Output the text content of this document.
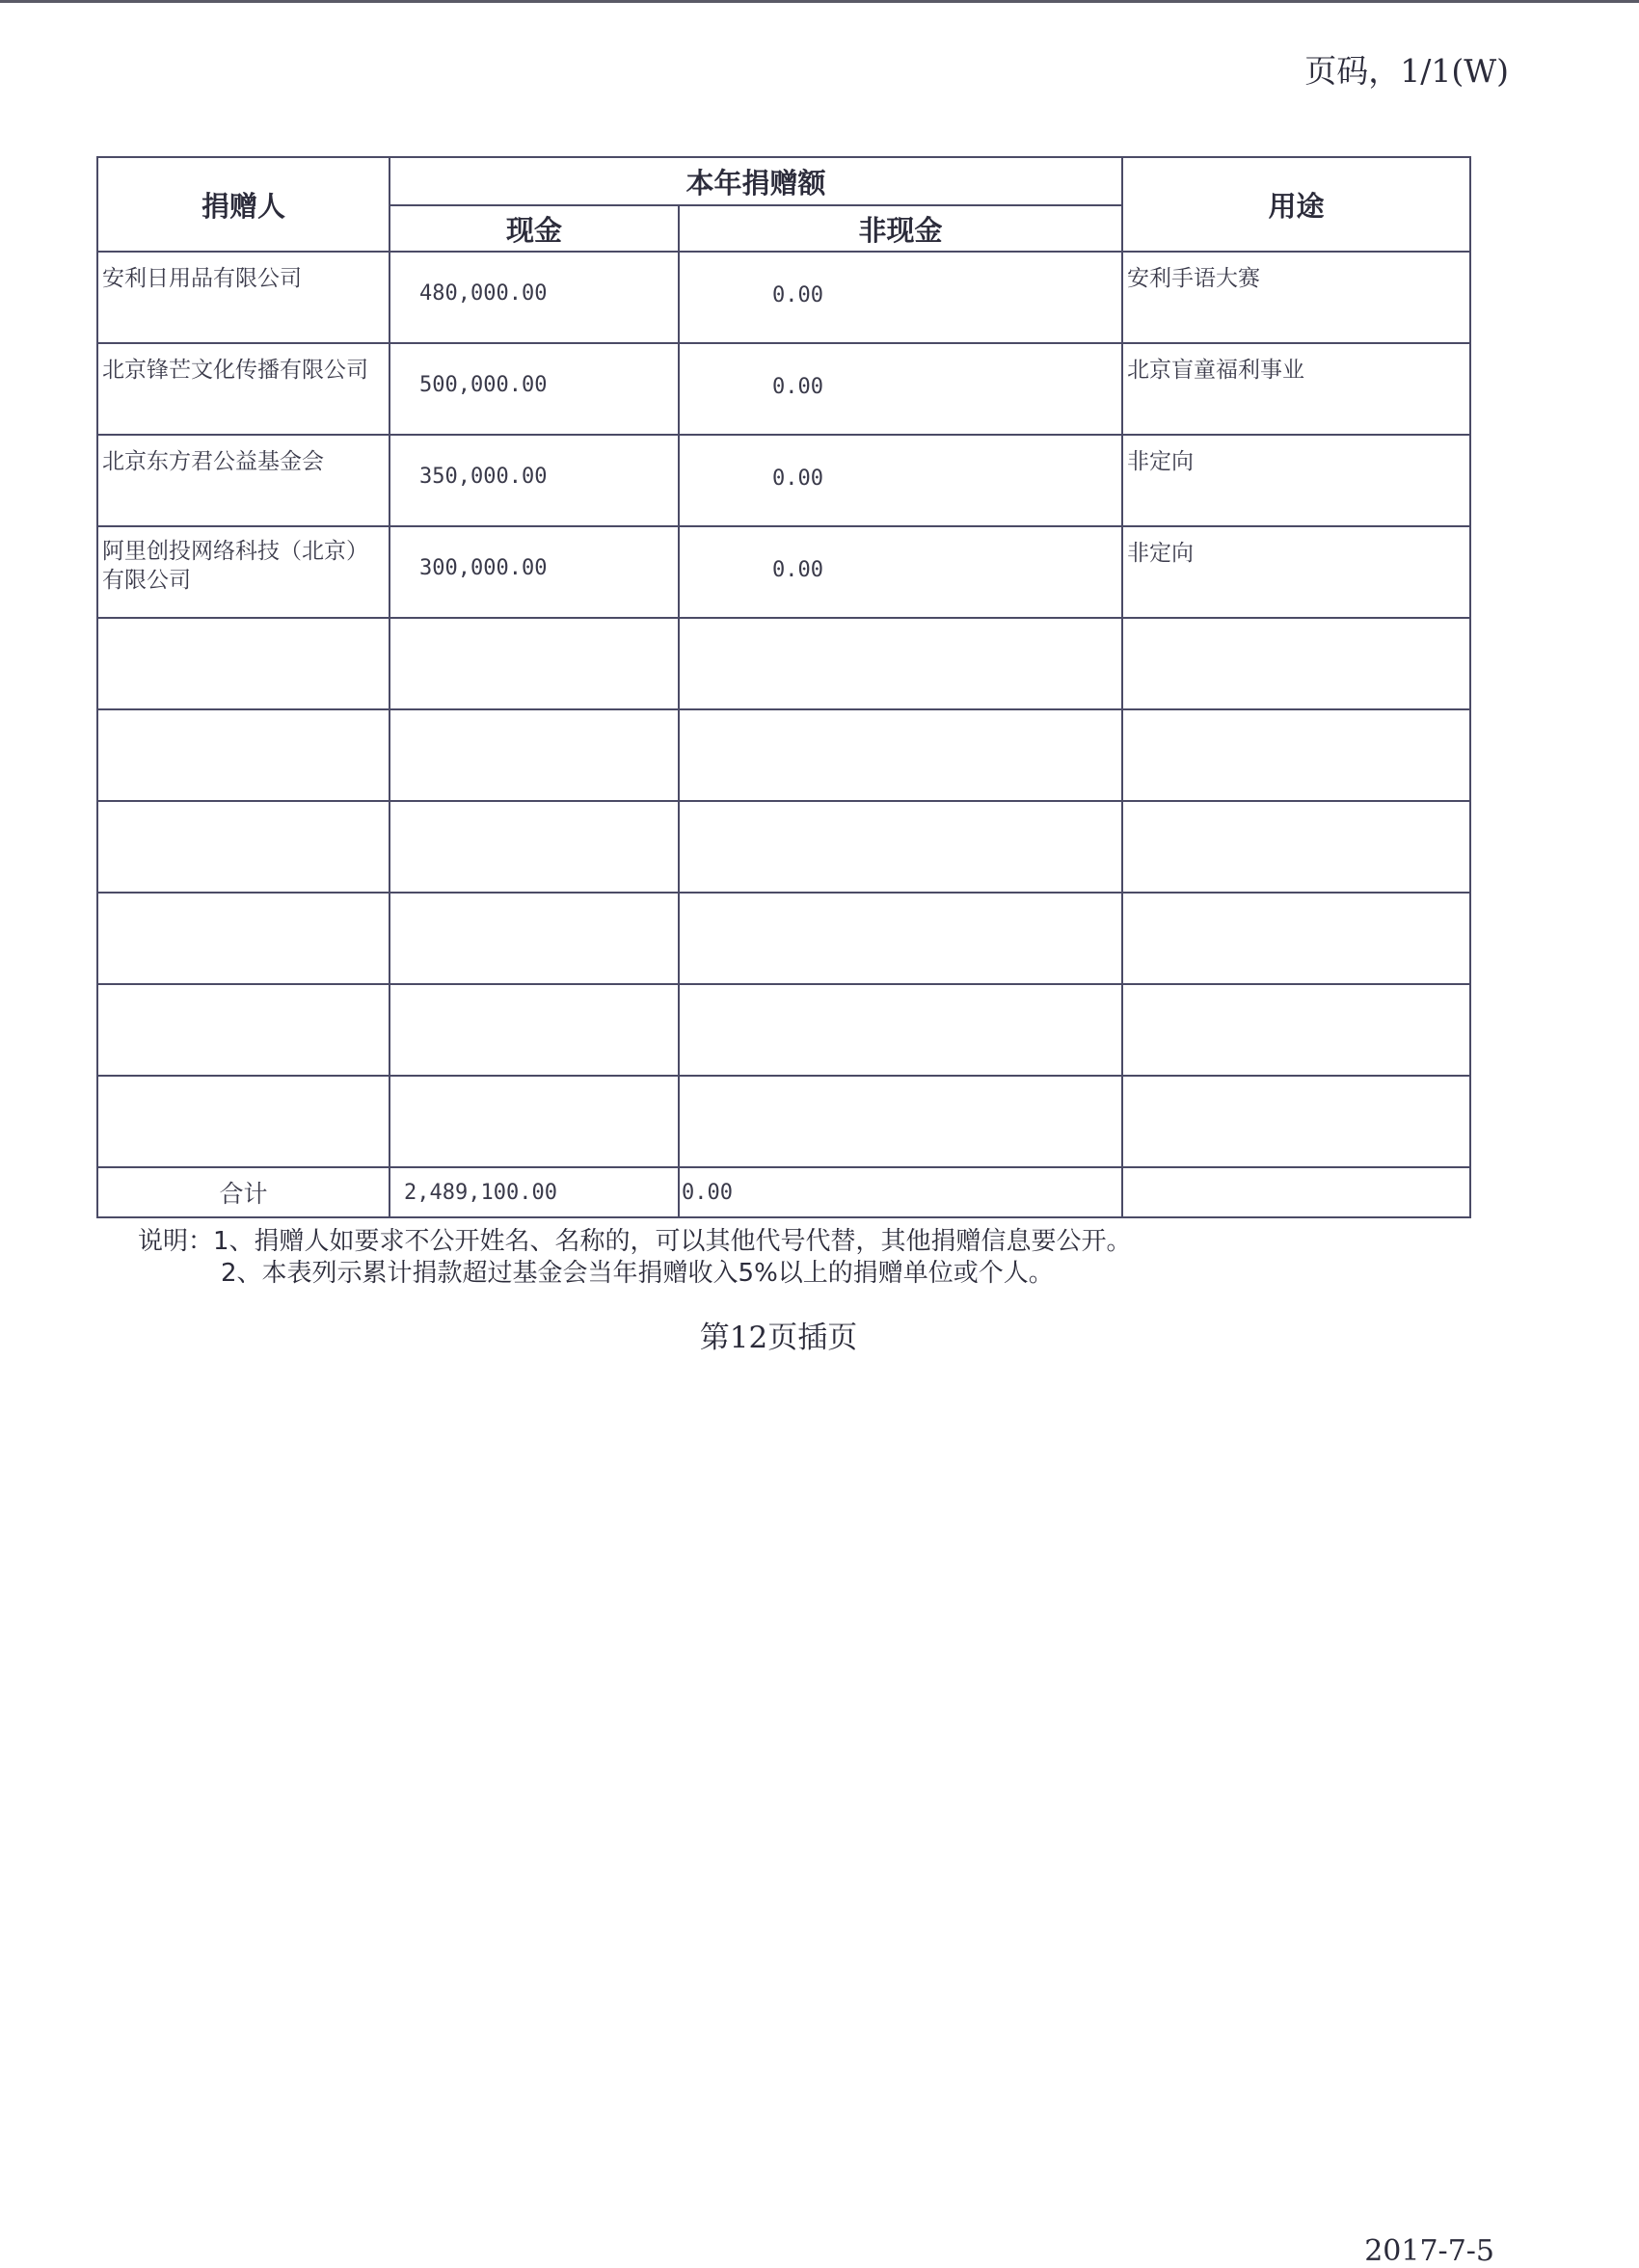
页码，1/1(W)
捐赠人	本年捐赠额		用途
	现金	非现金	

安利日用品有限公司	480,000.00	0.00	安利手语大赛

北京锋芒文化传播有限公司	500,000.00	0.00	北京盲童福利事业

北京东方君公益基金会	350,000.00	0.00	非定向

阿里创投网络科技（北京）有限公司	300,000.00	0.00	非定向

合计	2,489,100.00	0.00	
说明：1、捐赠人如要求不公开姓名、名称的，可以其他代号代替，其他捐赠信息要公开。
2、本表列示累计捐款超过基金会当年捐赠收入5%以上的捐赠单位或个人。
第12页插页
2017-7-5
